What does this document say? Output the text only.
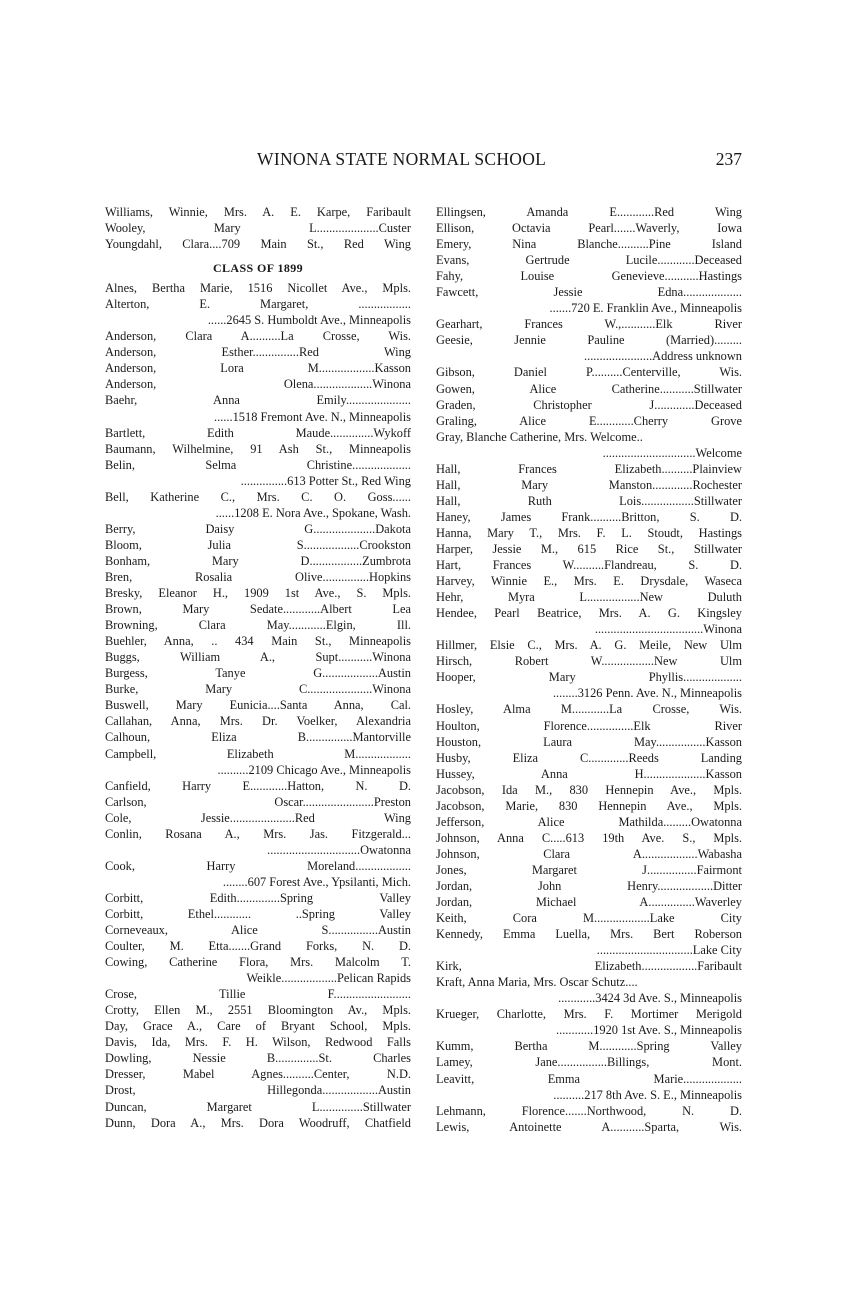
WINONA STATE NORMAL SCHOOL	237
Williams, Winnie, Mrs. A. E. Karpe, Faribault
Wooley, Mary L....................Custer
Youngdahl, Clara....709 Main St., Red Wing
CLASS OF 1899
Alnes, Bertha Marie, 1516 Nicollet Ave., Mpls.
Alterton, E. Margaret, .................
......2645 S. Humboldt Ave., Minneapolis
Anderson, Clara A..........La Crosse, Wis.
Anderson, Esther...............Red Wing
Anderson, Lora M..................Kasson
Anderson, Olena...................Winona
Baehr, Anna Emily.....................
......1518 Fremont Ave. N., Minneapolis
Bartlett, Edith Maude..............Wykoff
Baumann, Wilhelmine, 91 Ash St., Minneapolis
Belin, Selma Christine...................
...............613 Potter St., Red Wing
Bell, Katherine C., Mrs. C. O. Goss......
......1208 E. Nora Ave., Spokane, Wash.
Berry, Daisy G....................Dakota
Bloom, Julia S..................Crookston
Bonham, Mary D.................Zumbrota
Bren, Rosalia Olive...............Hopkins
Bresky, Eleanor H., 1909 1st Ave., S. Mpls.
Brown, Mary Sedate............Albert Lea
Browning, Clara May............Elgin, Ill.
Buehler, Anna, .. 434 Main St., Minneapolis
Buggs, William A., Supt...........Winona
Burgess, Tanye G..................Austin
Burke, Mary C.....................Winona
Buswell, Mary Eunicia....Santa Anna, Cal.
Callahan, Anna, Mrs. Dr. Voelker, Alexandria
Calhoun, Eliza B...............Mantorville
Campbell, Elizabeth M..................
..........2109 Chicago Ave., Minneapolis
Canfield, Harry E............Hatton, N. D.
Carlson, Oscar.......................Preston
Cole, Jessie.....................Red Wing
Conlin, Rosana A., Mrs. Jas. Fitzgerald...
..............................Owatonna
Cook, Harry Moreland..................
........607 Forest Ave., Ypsilanti, Mich.
Corbitt, Edith..............Spring Valley
Corbitt, Ethel............ ..Spring Valley
Corneveaux, Alice S................Austin
Coulter, M. Etta.......Grand Forks, N. D.
Cowing, Catherine Flora, Mrs. Malcolm T.
Weikle..................Pelican Rapids
Crose, Tillie F.........................
Crotty, Ellen M., 2551 Bloomington Av., Mpls.
Day, Grace A., Care of Bryant School, Mpls.
Davis, Ida, Mrs. F. H. Wilson, Redwood Falls
Dowling, Nessie B..............St. Charles
Dresser, Mabel Agnes..........Center, N.D.
Drost, Hillegonda..................Austin
Duncan, Margaret L..............Stillwater
Dunn, Dora A., Mrs. Dora Woodruff, Chatfield
Ellingsen, Amanda E............Red Wing
Ellison, Octavia Pearl.......Waverly, Iowa
Emery, Nina Blanche..........Pine Island
Evans, Gertrude Lucile............Deceased
Fahy, Louise Genevieve...........Hastings
Fawcett, Jessie Edna...................
.......720 E. Franklin Ave., Minneapolis
Gearhart, Frances W.,...........Elk River
Geesie, Jennie Pauline (Married).........
......................Address unknown
Gibson, Daniel P..........Centerville, Wis.
Gowen, Alice Catherine...........Stillwater
Graden, Christopher J.............Deceased
Graling, Alice E............Cherry Grove
Gray, Blanche Catherine, Mrs. Welcome..
..............................Welcome
Hall, Frances Elizabeth..........Plainview
Hall, Mary Manston.............Rochester
Hall, Ruth Lois.................Stillwater
Haney, James Frank..........Britton, S. D.
Hanna, Mary T., Mrs. F. L. Stoudt, Hastings
Harper, Jessie M., 615 Rice St., Stillwater
Hart, Frances W..........Flandreau, S. D.
Harvey, Winnie E., Mrs. E. Drysdale, Waseca
Hehr, Myra L.................New Duluth
Hendee, Pearl Beatrice, Mrs. A. G. Kingsley
...................................Winona
Hillmer, Elsie C., Mrs. A. G. Meile, New Ulm
Hirsch, Robert W.................New Ulm
Hooper, Mary Phyllis...................
........3126 Penn. Ave. N., Minneapolis
Hosley, Alma M............La Crosse, Wis.
Houlton, Florence...............Elk River
Houston, Laura May................Kasson
Husby, Eliza C.............Reeds Landing
Hussey, Anna H....................Kasson
Jacobson, Ida M., 830 Hennepin Ave., Mpls.
Jacobson, Marie, 830 Hennepin Ave., Mpls.
Jefferson, Alice Mathilda.........Owatonna
Johnson, Anna C.....613 19th Ave. S., Mpls.
Johnson, Clara A..................Wabasha
Jones, Margaret J................Fairmont
Jordan, John Henry..................Ditter
Jordan, Michael A...............Waverley
Keith, Cora M..................Lake City
Kennedy, Emma Luella, Mrs. Bert Roberson
...............................Lake City
Kirk, Elizabeth..................Faribault
Kraft, Anna Maria, Mrs. Oscar Schutz....
............3424 3d Ave. S., Minneapolis
Krueger, Charlotte, Mrs. F. Mortimer Merigold
............1920 1st Ave. S., Minneapolis
Kumm, Bertha M............Spring Valley
Lamey, Jane................Billings, Mont.
Leavitt, Emma Marie...................
..........217 8th Ave. S. E., Minneapolis
Lehmann, Florence.......Northwood, N. D.
Lewis, Antoinette A...........Sparta, Wis.
